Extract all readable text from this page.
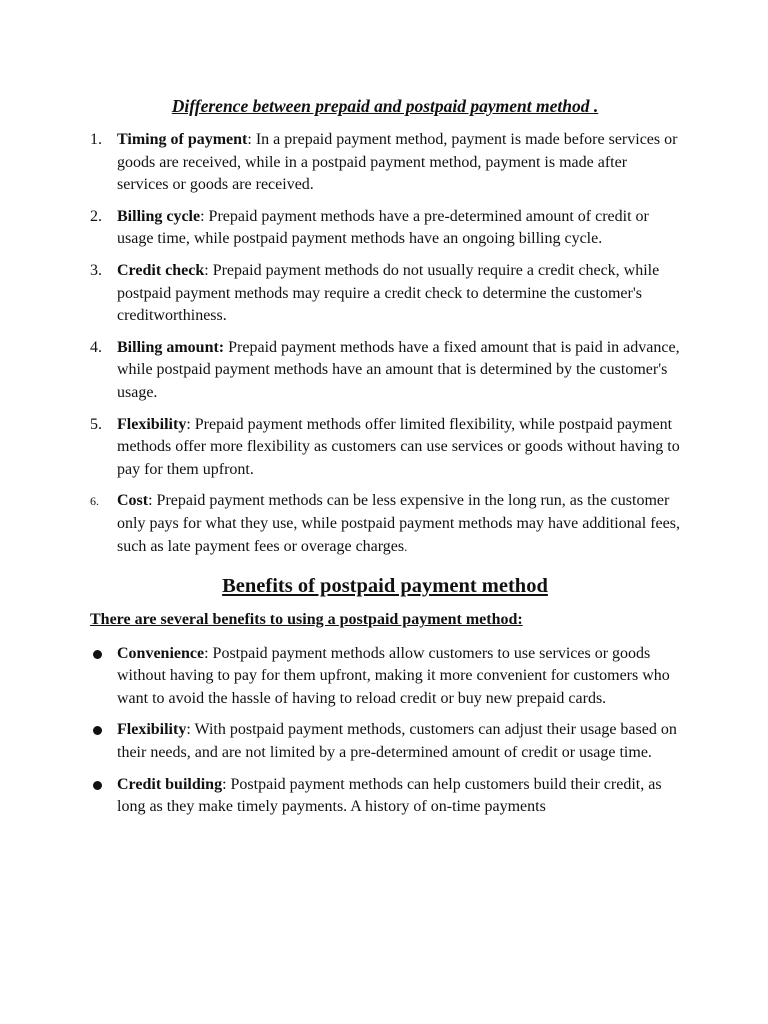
Difference between prepaid and postpaid payment method .
1. Timing of payment: In a prepaid payment method, payment is made before services or goods are received, while in a postpaid payment method, payment is made after services or goods are received.
2. Billing cycle: Prepaid payment methods have a pre-determined amount of credit or usage time, while postpaid payment methods have an ongoing billing cycle.
3. Credit check: Prepaid payment methods do not usually require a credit check, while postpaid payment methods may require a credit check to determine the customer's creditworthiness.
4. Billing amount: Prepaid payment methods have a fixed amount that is paid in advance, while postpaid payment methods have an amount that is determined by the customer's usage.
5. Flexibility: Prepaid payment methods offer limited flexibility, while postpaid payment methods offer more flexibility as customers can use services or goods without having to pay for them upfront.
6. Cost: Prepaid payment methods can be less expensive in the long run, as the customer only pays for what they use, while postpaid payment methods may have additional fees, such as late payment fees or overage charges.
Benefits of postpaid payment method

There are several benefits to using a postpaid payment method:

Convenience: Postpaid payment methods allow customers to use services or goods without having to pay for them upfront, making it more convenient for customers who want to avoid the hassle of having to reload credit or buy new prepaid cards.
Flexibility: With postpaid payment methods, customers can adjust their usage based on their needs, and are not limited by a pre-determined amount of credit or usage time.
Credit building: Postpaid payment methods can help customers build their credit, as long as they make timely payments. A history of on-time payments
